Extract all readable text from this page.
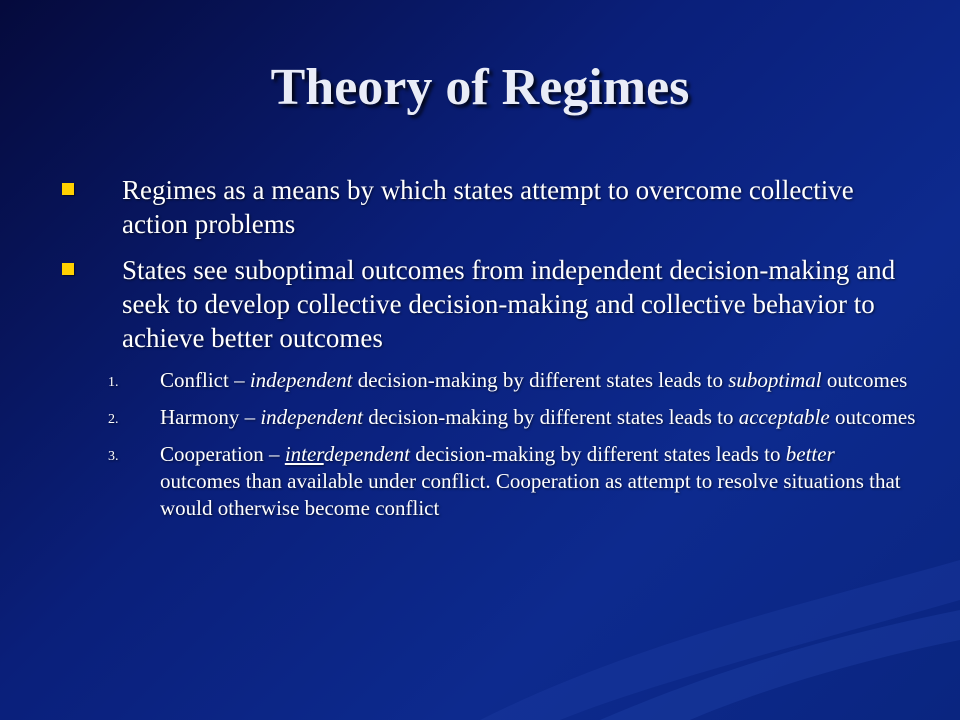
Theory of Regimes
Regimes as a means by which states attempt to overcome collective action problems
States see suboptimal outcomes from independent decision-making and seek to develop collective decision-making and collective behavior to achieve better outcomes
1. Conflict – independent decision-making by different states leads to suboptimal outcomes
2. Harmony – independent decision-making by different states leads to acceptable outcomes
3. Cooperation – interdependent decision-making by different states leads to better outcomes than available under conflict. Cooperation as attempt to resolve situations that would otherwise become conflict
